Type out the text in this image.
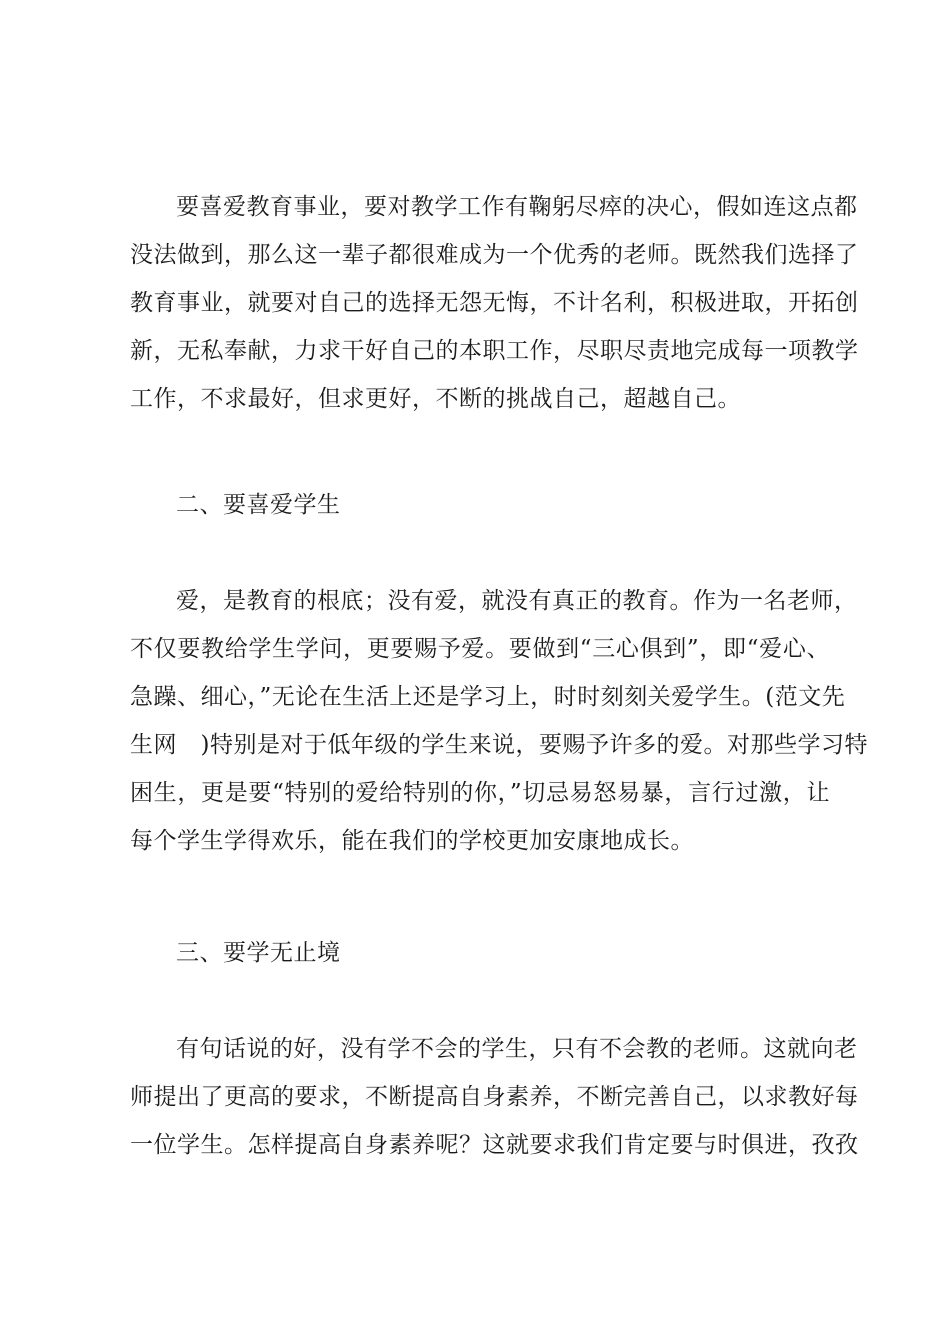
要喜爱教育事业，要对教学工作有鞠躬尽瘁的决心，假如连这点都
没法做到，那么这一辈子都很难成为一个优秀的老师。既然我们选择了
教育事业，就要对自己的选择无怨无悔，不计名利，积极进取，开拓创
新，无私奉献，力求干好自己的本职工作，尽职尽责地完成每一项教学
工作，不求最好，但求更好，不断的挑战自己，超越自己。
二、要喜爱学生
爱，是教育的根底；没有爱，就没有真正的教育。作为一名老师，
不仅要教给学生学问，更要赐予爱。要做到“三心俱到”，即“爱心、
急躁、细心，”无论在生活上还是学习上，时时刻刻关爱学生。(范文先
生网　)特别是对于低年级的学生来说，要赐予许多的爱。对那些学习特
困生，更是要“特别的爱给特别的你，”切忌易怒易暴，言行过激，让
每个学生学得欢乐，能在我们的学校更加安康地成长。
三、要学无止境
有句话说的好，没有学不会的学生，只有不会教的老师。这就向老
师提出了更高的要求，不断提高自身素养，不断完善自己，以求教好每
一位学生。怎样提高自身素养呢？这就要求我们肯定要与时俱进，孜孜
